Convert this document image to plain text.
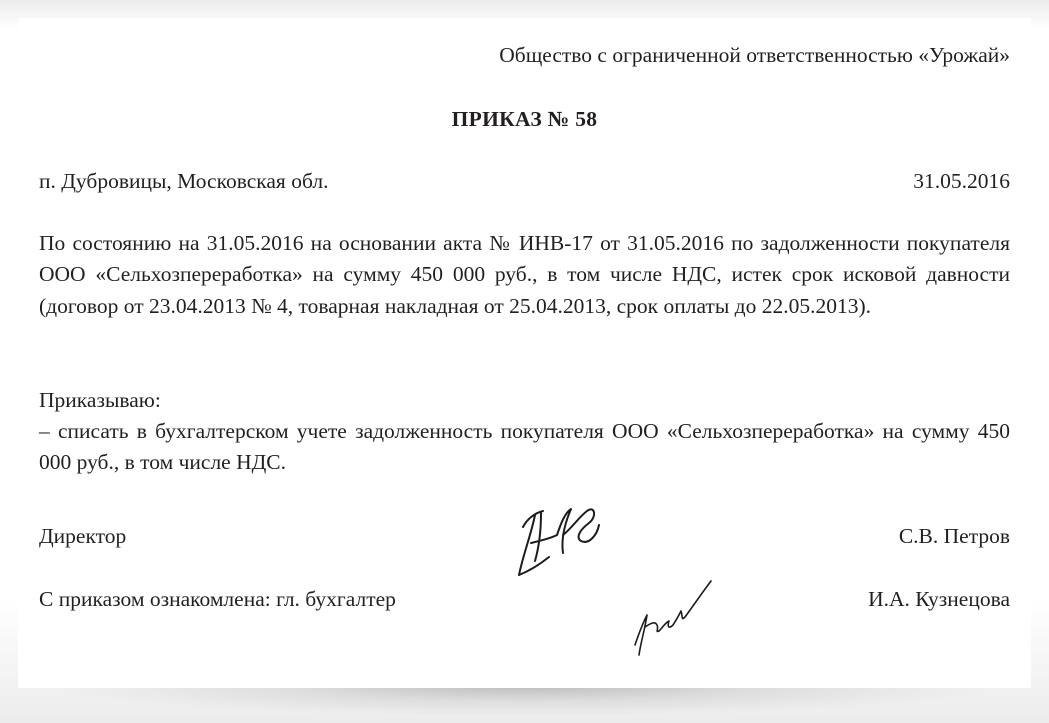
Общество с ограниченной ответственностью «Урожай»
ПРИКАЗ № 58
п. Дубровицы, Московская обл.	31.05.2016
По состоянию на 31.05.2016 на основании акта № ИНВ-17 от 31.05.2016 по задолженности покупателя ООО «Сельхозпереработка» на сумму 450 000 руб., в том числе НДС, истек срок исковой давности (договор от 23.04.2013 № 4, товарная накладная от 25.04.2013, срок оплаты до 22.05.2013).
Приказываю:
– списать в бухгалтерском учете задолженность покупателя ООО «Сельхозпереработка» на сумму 450 000 руб., в том числе НДС.
Директор	С.В. Петров
С приказом ознакомлена: гл. бухгалтер	И.А. Кузнецова
